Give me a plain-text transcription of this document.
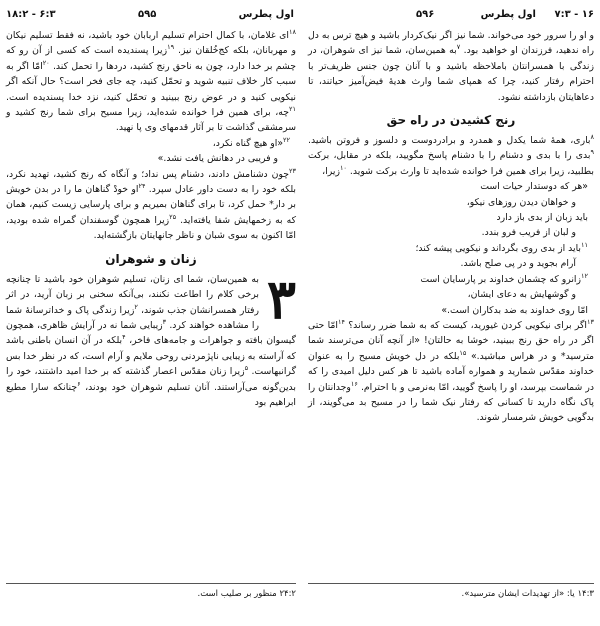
۱۸:۲ - ۶:۳	۵۹۵	اول پطرس

$^{۱۸}$ای غلامان، با کمال احترام تسلیم اربابان خود باشید، نه فقط تسلیم نیکان و مهربانان، بلکه کج‌خُلقان نیز. $^{۱۹}$زیرا پسندیده است که کسی از آن رو که چشم بر خدا دارد، چون به ناحق رنج کشید، دردها را تحمل کند. $^{۲۰}$امّا اگر به سبب کار خلاف تنبیه شوید و تحمّل کنید، چه جای فخر است؟ حال آنکه اگر نیکویی کنید و در عوض رنج ببینید و تحمّل کنید، نزد خدا پسندیده است. $^{۲۱}$چه، برای همین فرا خوانده شده‌اید، زیرا مسیح برای شما رنج کشید و سرمشقی گذاشت تا بر آثار قدمهای وی پا نهید.

$^{۲۲}$«او هیچ گناه نکرد،
و فریبی در دهانش یافت نشد.»

$^{۲۳}$چون دشنامش دادند، دشنام پس نداد؛ و آنگاه که رنج کشید، تهدید نکرد، بلکه خود را به دست داور عادل سپرد. $^{۲۴}$او خودْ گناهان ما را در بدن خویش بر دار* حمل کرد، تا برای گناهان بمیریم و برای پارسایی زیست کنیم، همان که به زخمهایش شفا یافته‌اید. $^{۲۵}$زیرا همچون گوسفندان گمراه شده بودید، امّا اکنون به سوی شبان و ناظر جانهایتان بازگشته‌اید.

زنان و شوهران

۳
به همین‌سان، شما ای زنان، تسلیم شوهران خود باشید تا چنانچه برخی کلام را اطاعت نکنند، بی‌آنکه سخنی بر زبان آرید، در اثر رفتار همسرانشان جذب شوند، $^۲$زیرا زندگی پاک و خداترسانهٔ شما را مشاهده خواهند کرد. $^۳$زیبایی شما نه در آرایش ظاهری، همچون گیسوان بافته و جواهرات و جامه‌های فاخر، $^۴$بلکه در آن انسان باطنی باشد که آراسته به زیبایی ناپژمردنی روحی ملایم و آرام است، که در نظر خدا بس گرانبهاست. $^۵$زیرا زنان مقدّس اعصار گذشته که بر خدا امید داشتند، خود را بدین‌گونه می‌آراستند. آنان تسلیم شوهران خود بودند، $^۶$چنانکه سارا مطیع ابراهیم بود

۲۴:۲ منظور بر صلیب است.
۵۹۶	اول پطرس ۷:۳ - ۱۶

و او را سرور خود می‌خواند. شما نیز اگر نیک‌کردار باشید و هیچ ترس به دل راه ندهید، فرزندان او خواهید بود. $^۷$به همین‌سان، شما نیز ای شوهران، در زندگی با همسرانتان باملاحظه باشید و با آنان چون جنس ظریف‌تر با احترام رفتار کنید، چرا که همپای شما وارث هدیهٔ فیض‌آمیز حیاتند، تا دعاهایتان بازداشته نشود.

رنج کشیدن در راه حق

$^۸$باری، همهٔ شما یکدل و همدرد و برادردوست و دلسوز و فروتن باشید. $^۹$بدی را با بدی و دشنام را با دشنام پاسخ مگویید، بلکه در مقابل، برکت بطلبید، زیرا برای همین فرا خوانده شده‌اید تا وارث برکت شوید. $^{۱۰}$زیرا،

«هر که دوستدار حیات است
و خواهان دیدن روزهای نیکو،
باید زبان از بدی باز دارد
و لبان از فریب فرو بندد.
$^{۱۱}$باید از بدی روی بگرداند و نیکویی پیشه کند؛
آرام بجوید و در پی صلح باشد.
$^{۱۲}$زانرو که چشمان خداوند بر پارسایان است
و گوشهایش به دعای ایشان،
امّا روی خداوند به ضد بدکاران است.»

$^{۱۳}$اگر برای نیکویی کردن غیورید، کیست که به شما ضرر رساند؟ $^{۱۴}$امّا حتی اگر در راه حق رنج ببینید، خوشا به حالتان! «از آنچه آنان می‌ترسند شما مترسید* و در هراس مباشید.» $^{۱۵}$بلکه در دل خویش مسیح را به عنوان خداوند مقدّس شمارید و همواره آماده باشید تا هر کس دلیل امیدی را که در شماست بپرسد، او را پاسخ گویید، امّا به‌نرمی و با احترام. $^{۱۶}$وجدانتان را پاک نگاه دارید تا کسانی که رفتار نیک شما را در مسیح بد می‌گویند، از بدگویی خویش شرمسار شوند.

۱۴:۳ یا: «از تهدیدات ایشان مترسید».
